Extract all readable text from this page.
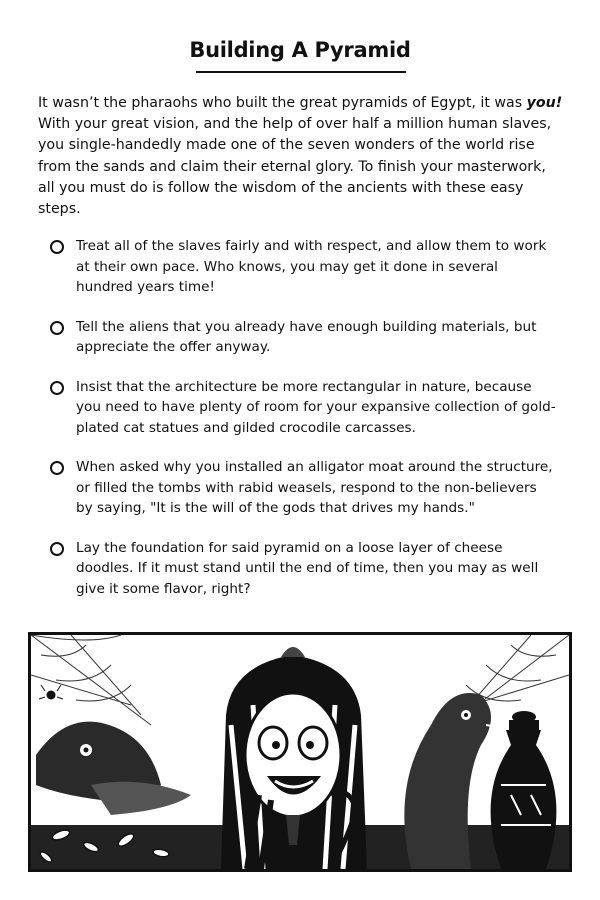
Building A Pyramid

It wasn’t the pharaohs who built the great pyramids of Egypt, it was you! With your great vision, and the help of over half a million human slaves, you single-handedly made one of the seven wonders of the world rise from the sands and claim their eternal glory. To finish your masterwork, all you must do is follow the wisdom of the ancients with these easy steps.

Treat all of the slaves fairly and with respect, and allow them to work at their own pace. Who knows, you may get it done in several hundred years time!
Tell the aliens that you already have enough building materials, but appreciate the offer anyway.
Insist that the architecture be more rectangular in nature, because you need to have plenty of room for your expansive collection of gold-plated cat statues and gilded crocodile carcasses.
When asked why you installed an alligator moat around the structure, or filled the tombs with rabid weasels, respond to the non-believers by saying, "It is the will of the gods that drives my hands."
Lay the foundation for said pyramid on a loose layer of cheese doodles. If it must stand until the end of time, then you may as well give it some flavor, right?
